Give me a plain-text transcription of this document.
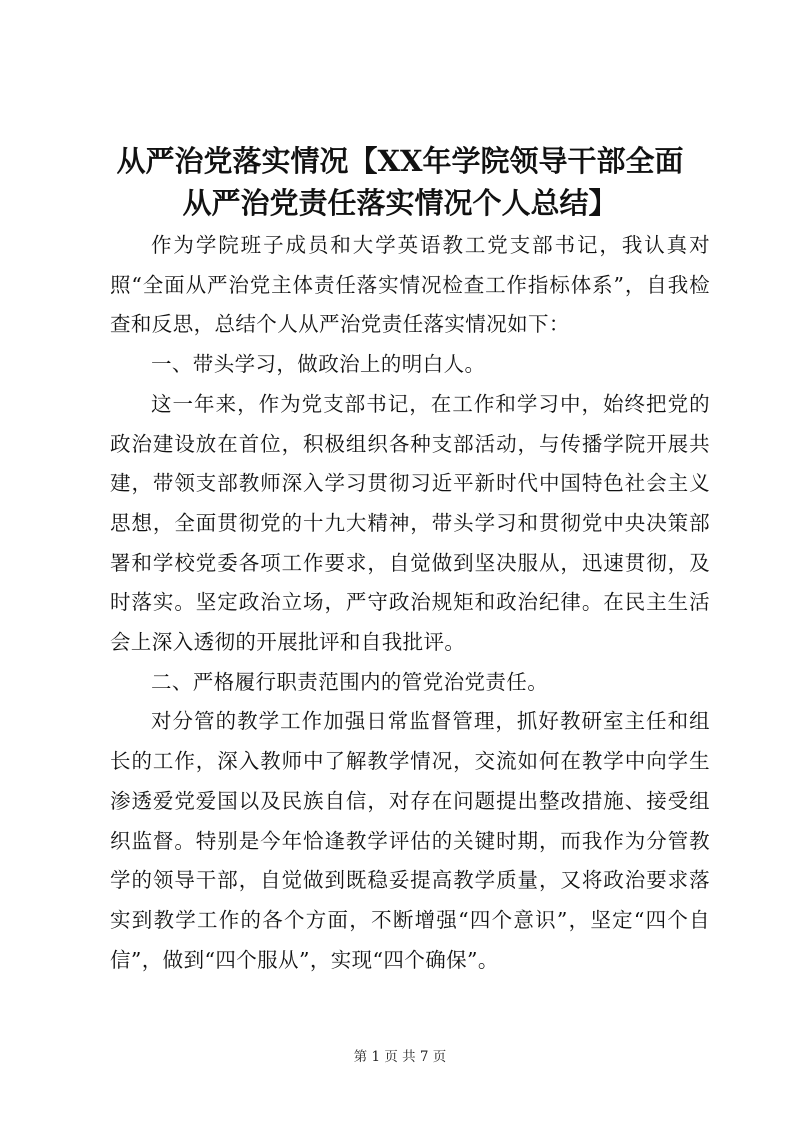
从严治党落实情况【XX年学院领导干部全面
从严治党责任落实情况个人总结】

作为学院班子成员和大学英语教工党支部书记，我认真对照“全面从严治党主体责任落实情况检查工作指标体系”，自我检查和反思，总结个人从严治党责任落实情况如下：

一、带头学习，做政治上的明白人。

这一年来，作为党支部书记，在工作和学习中，始终把党的政治建设放在首位，积极组织各种支部活动，与传播学院开展共建，带领支部教师深入学习贯彻习近平新时代中国特色社会主义思想，全面贯彻党的十九大精神，带头学习和贯彻党中央决策部署和学校党委各项工作要求，自觉做到坚决服从，迅速贯彻，及时落实。坚定政治立场，严守政治规矩和政治纪律。在民主生活会上深入透彻的开展批评和自我批评。

二、严格履行职责范围内的管党治党责任。

对分管的教学工作加强日常监督管理，抓好教研室主任和组长的工作，深入教师中了解教学情况，交流如何在教学中向学生渗透爱党爱国以及民族自信，对存在问题提出整改措施、接受组织监督。特别是今年恰逢教学评估的关键时期，而我作为分管教学的领导干部，自觉做到既稳妥提高教学质量，又将政治要求落实到教学工作的各个方面，不断增强“四个意识”，坚定“四个自信”，做到“四个服从”，实现“四个确保”。

第 1 页 共 7 页
